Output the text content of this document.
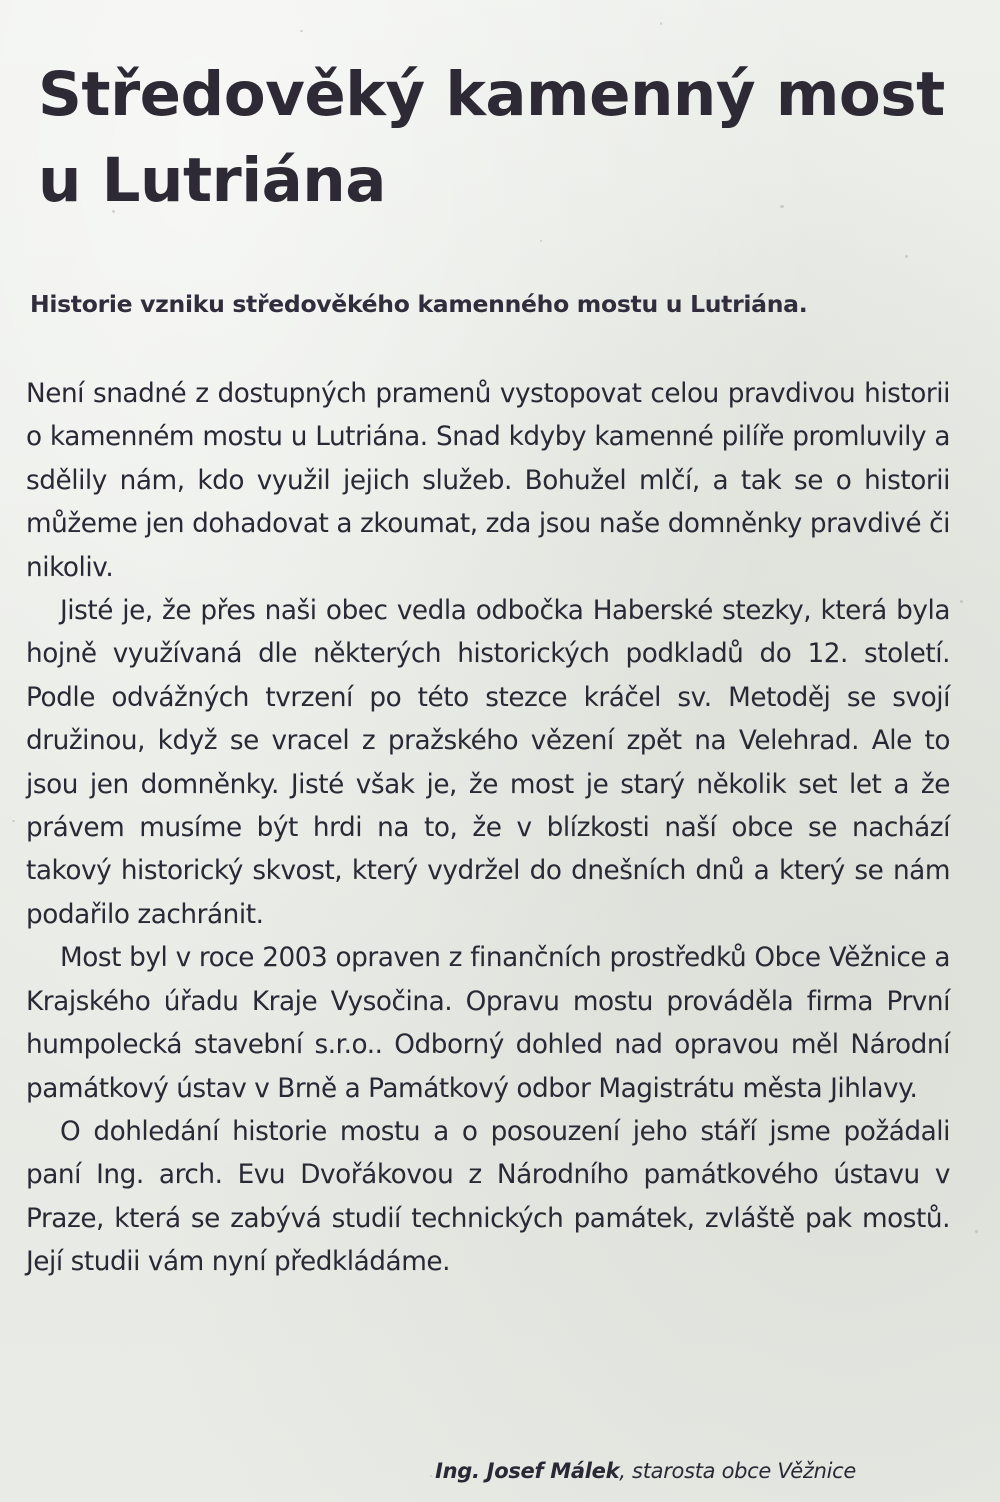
Středověký kamenný most u Lutriána
Historie vzniku středověkého kamenného mostu u Lutriána.

Není snadné z dostupných pramenů vystopovat celou pravdivou historii o kamenném mostu u Lutriána. Snad kdyby kamenné pilíře promluvily a sdělily nám, kdo využil jejich služeb. Bohužel mlčí, a tak se o historii můžeme jen dohadovat a zkoumat, zda jsou naše domněnky pravdivé či nikoliv.

Jisté je, že přes naši obec vedla odbočka Haberské stezky, která byla hojně využívaná dle některých historických podkladů do 12. století. Podle odvážných tvrzení po této stezce kráčel sv. Metoděj se svojí družinou, když se vracel z pražského vězení zpět na Velehrad. Ale to jsou jen domněnky. Jisté však je, že most je starý několik set let a že právem musíme být hrdi na to, že v blízkosti naší obce se nachází takový historický skvost, který vydržel do dnešních dnů a který se nám podařilo zachránit.

Most byl v roce 2003 opraven z finančních prostředků Obce Věžnice a Krajského úřadu Kraje Vysočina. Opravu mostu prováděla firma První humpolecká stavební s.r.o.. Odborný dohled nad opravou měl Národní památkový ústav v Brně a Památkový odbor Magistrátu města Jihlavy.

O dohledání historie mostu a o posouzení jeho stáří jsme požádali paní Ing. arch. Evu Dvořákovou z Národního památkového ústavu v Praze, která se zabývá studií technických památek, zvláště pak mostů. Její studii vám nyní předkládáme.

Ing. Josef Málek, starosta obce Věžnice
